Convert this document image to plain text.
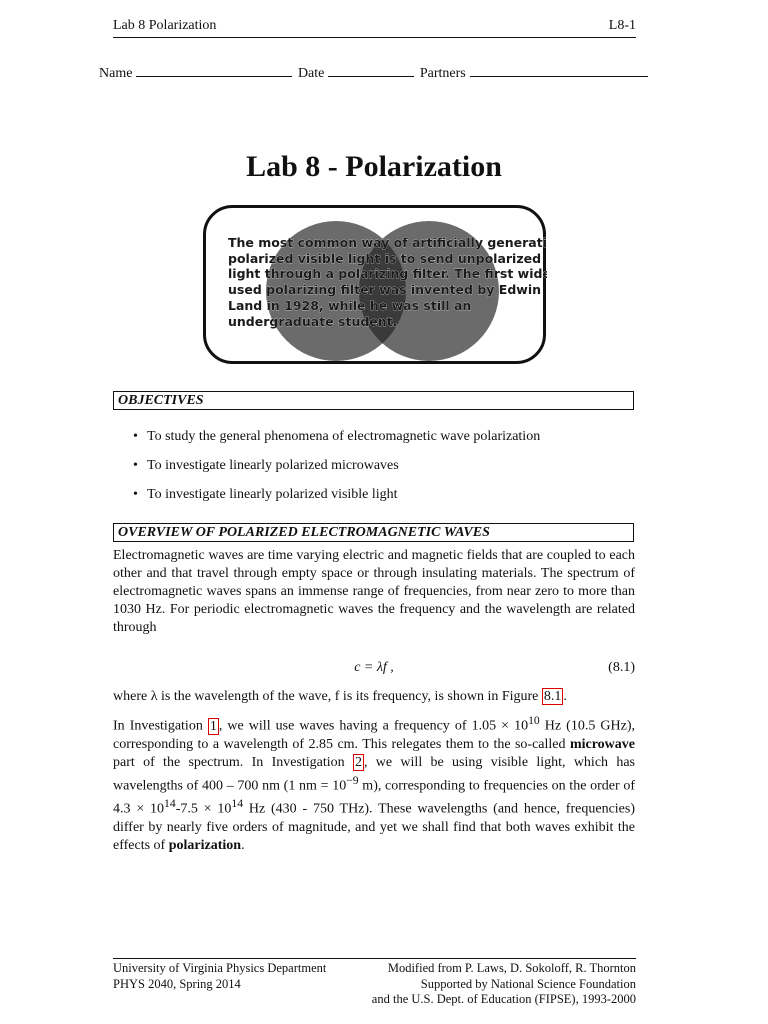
Lab 8 Polarization	L8-1
Name	Date	Partners
Lab 8 - Polarization
The most common way of artificially generating
polarized visible light is to send unpolarized
light through a polarizing filter. The first widely
used polarizing filter was invented by Edwin
Land in 1928, while he was still an
undergraduate student.
OBJECTIVES
• To study the general phenomena of electromagnetic wave polarization
• To investigate linearly polarized microwaves
• To investigate linearly polarized visible light
OVERVIEW OF POLARIZED ELECTROMAGNETIC WAVES
Electromagnetic waves are time varying electric and magnetic fields that are coupled to each other and that travel through empty space or through insulating materials. The spectrum of electromagnetic waves spans an immense range of frequencies, from near zero to more than 1030 Hz. For periodic electromagnetic waves the frequency and the wavelength are related through
c = λf ,	(8.1)
where λ is the wavelength of the wave, f is its frequency, is shown in Figure 8.1 .
In Investigation 1 , we will use waves having a frequency of $1.05 \times 10^{10}$ Hz (10.5 GHz), corresponding to a wavelength of 2.85 cm. This relegates them to the so-called microwave part of the spectrum. In Investigation 2 , we will be using visible light, which has wavelengths of 400 – 700 nm (1 nm = $10^{-9}$ m), corresponding to frequencies on the order of $4.3 \times 10^{14}-7.5 \times 10^{14}$ Hz (430 - 750 THz). These wavelengths (and hence, frequencies) differ by nearly five orders of magnitude, and yet we shall find that both waves exhibit the effects of polarization.
University of Virginia Physics Department
PHYS 2040, Spring 2014
Modified from P. Laws, D. Sokoloff, R. Thornton
Supported by National Science Foundation
and the U.S. Dept. of Education (FIPSE), 1993-2000
